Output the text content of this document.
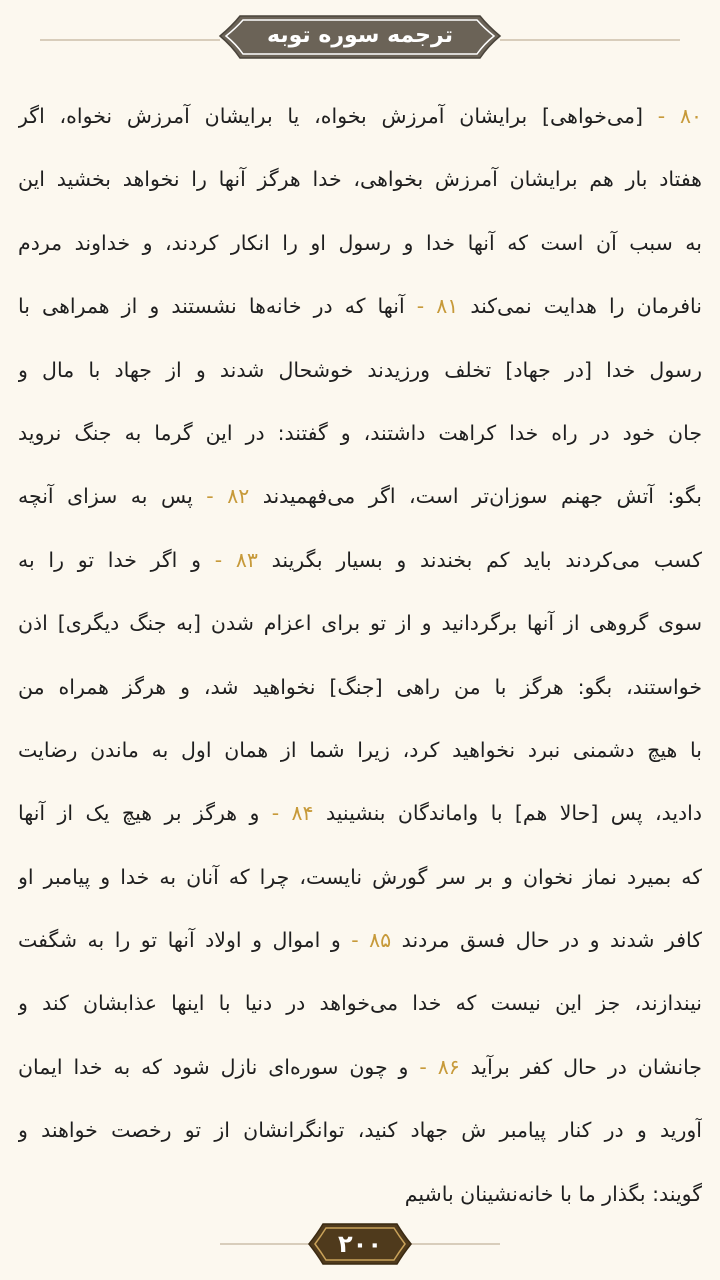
ترجمه سوره توبه
۸۰ - [می‌خواهی] برایشان آمرزش بخواه، یا برایشان آمرزش نخواه، اگر
هفتاد بار هم برایشان آمرزش بخواهی، خدا هرگز آنها را نخواهد بخشید این
به سبب آن است که آنها خدا و رسول او را انکار کردند، و خداوند مردم
نافرمان را هدایت نمی‌کند ۸۱ - آنها که در خانه‌ها نشستند و از همراهی با
رسول خدا [در جهاد] تخلف ورزیدند خوشحال شدند و از جهاد با مال و
جان خود در راه خدا کراهت داشتند، و گفتند: در این گرما به جنگ نروید
بگو: آتش جهنم سوزان‌تر است، اگر می‌فهمیدند ۸۲ - پس به سزای آنچه
کسب می‌کردند باید کم بخندند و بسیار بگریند ۸۳ - و اگر خدا تو را به
سوی گروهی از آنها برگردانید و از تو برای اعزام شدن [به جنگ دیگری] اذن
خواستند، بگو: هرگز با من راهی [جنگ] نخواهید شد، و هرگز همراه من
با هیچ دشمنی نبرد نخواهید کرد، زیرا شما از همان اول به ماندن رضایت
دادید، پس [حالا هم] با واماندگان بنشینید ۸۴ - و هرگز بر هیچ یک از آنها
که بمیرد نماز نخوان و بر سر گورش نایست، چرا که آنان به خدا و پیامبر او
کافر شدند و در حال فسق مردند ۸۵ - و اموال و اولاد آنها تو را به شگفت
نیندازند، جز این نیست که خدا می‌خواهد در دنیا با اینها عذابشان کند و
جانشان در حال کفر برآید ۸۶ - و چون سوره‌ای نازل شود که به خدا ایمان
آورید و در کنار پیامبر ش جهاد کنید، توانگرانشان از تو رخصت خواهند و
گویند: بگذار ما با خانه‌نشینان باشیم
۲۰۰
